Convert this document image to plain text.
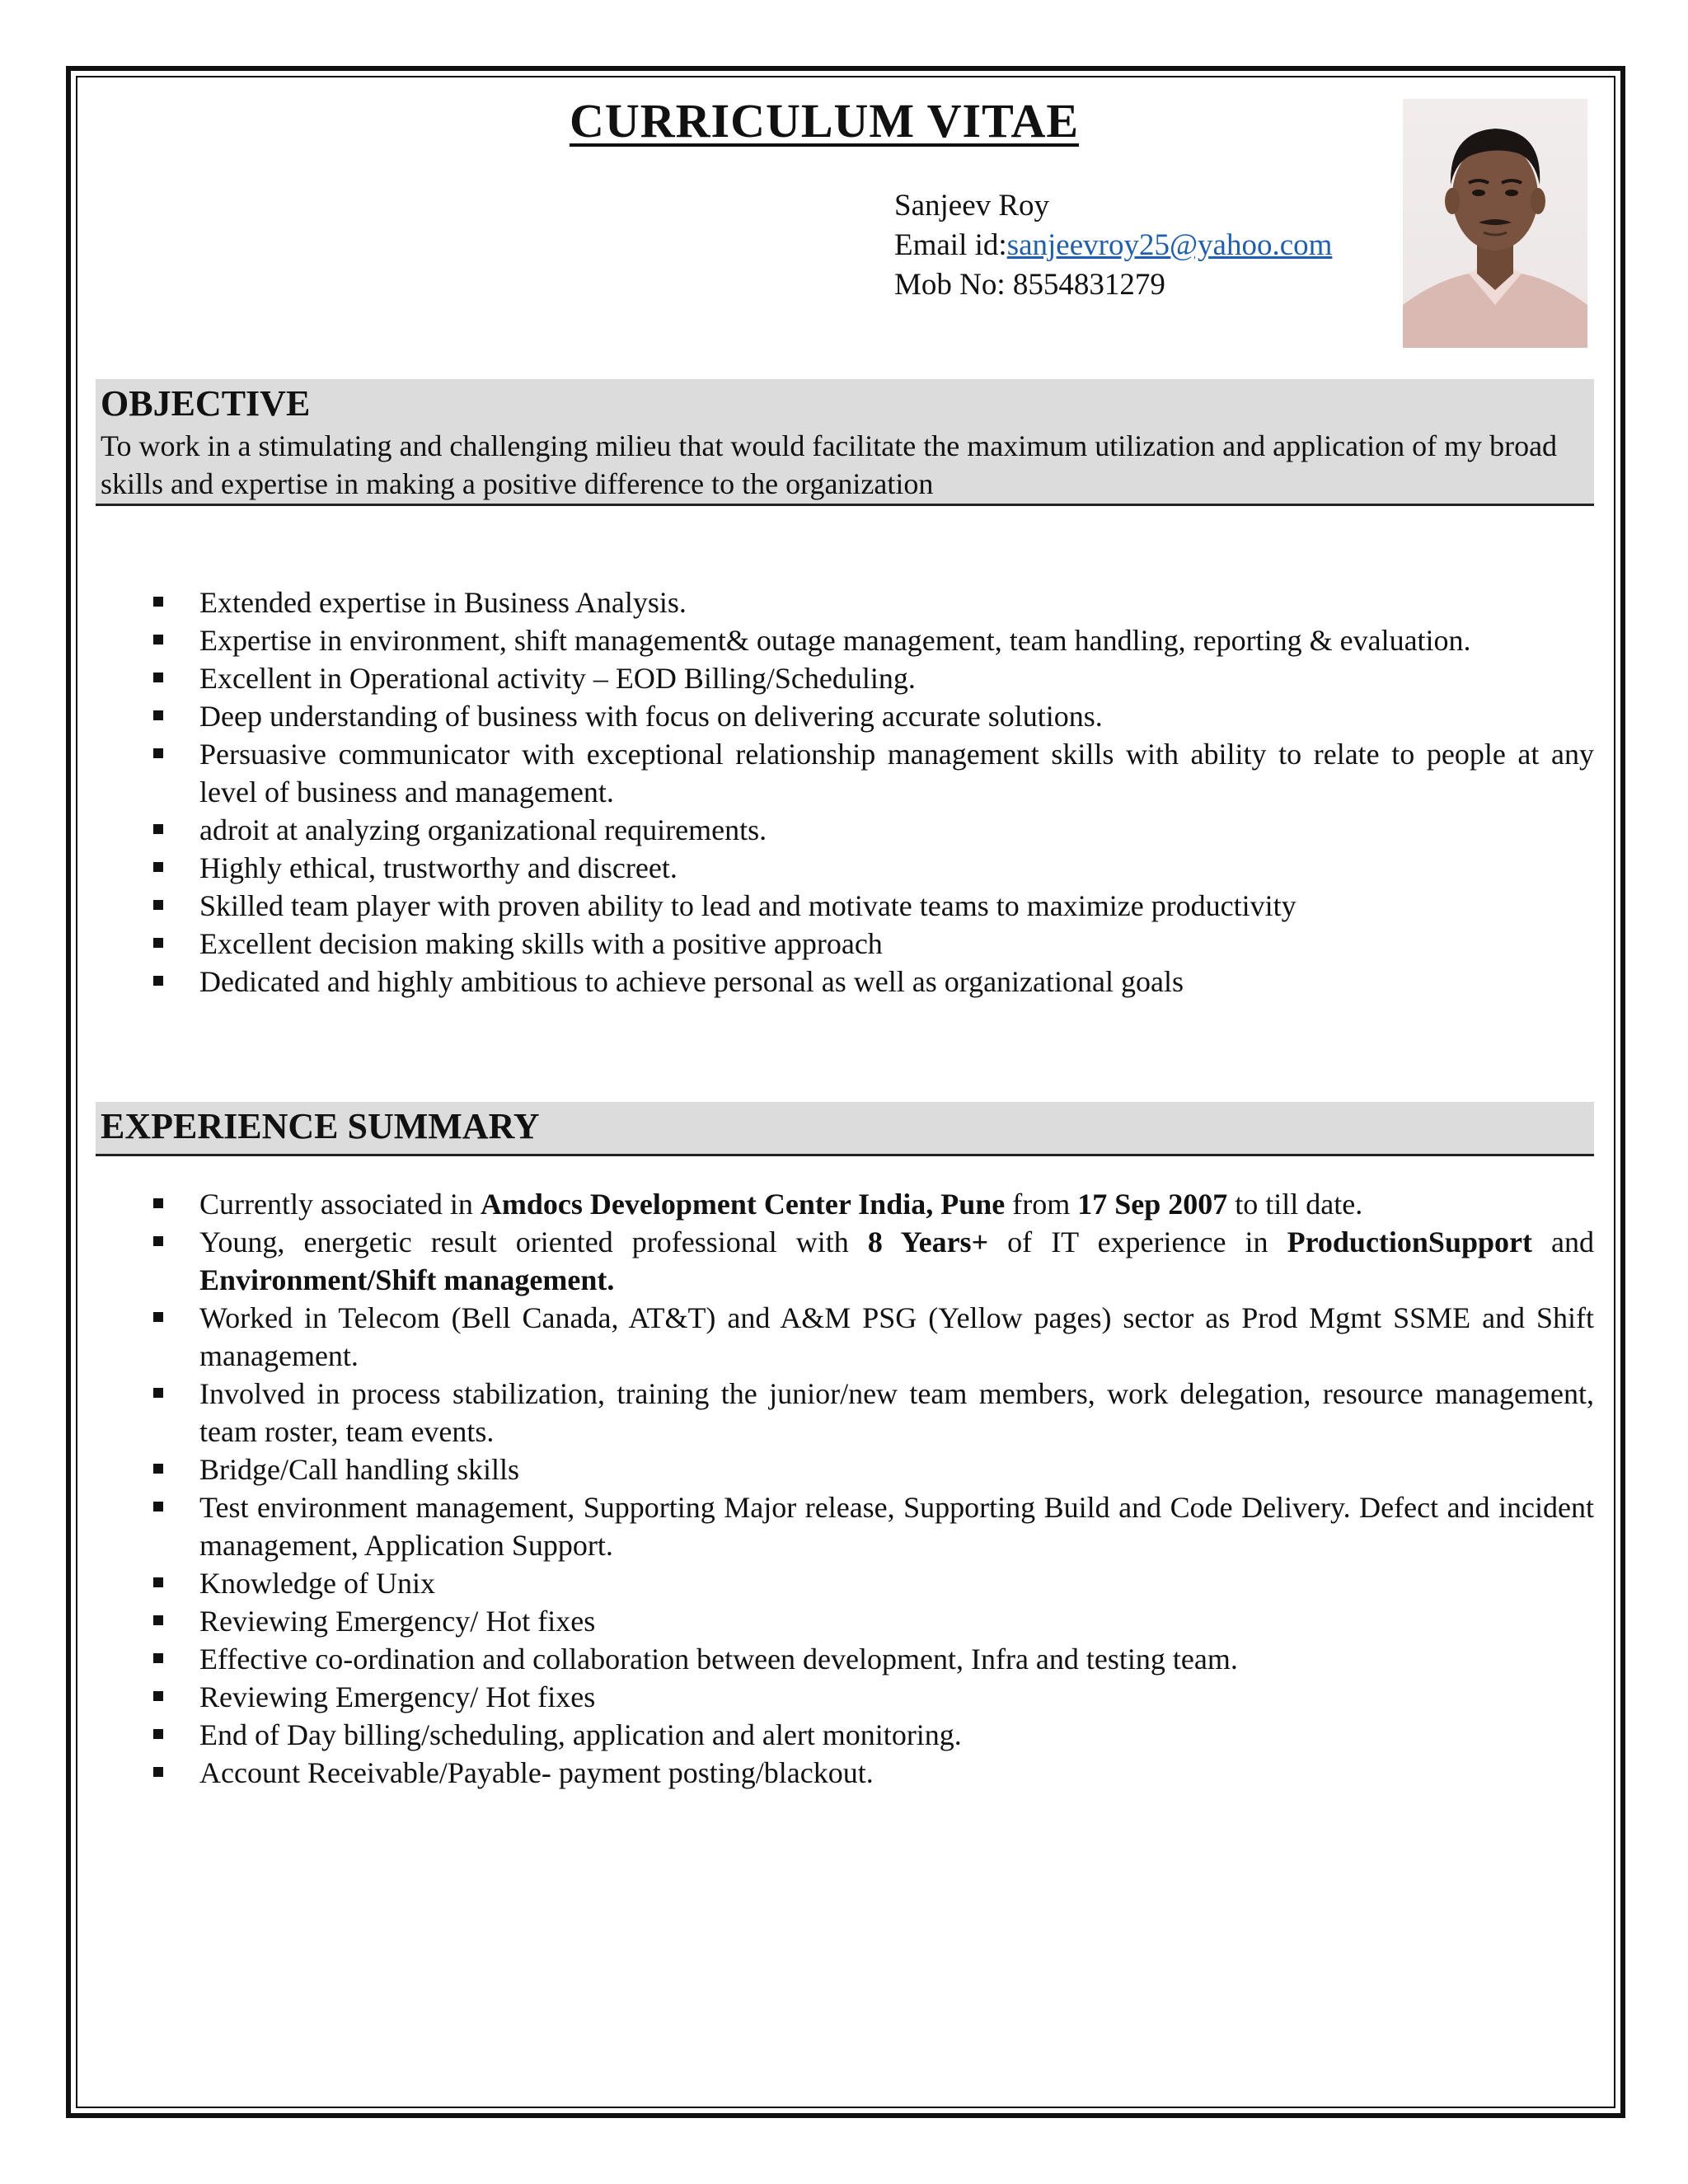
CURRICULUM VITAE
Sanjeev Roy
Email id:sanjeevroy25@yahoo.com
Mob No: 8554831279
OBJECTIVE
To work in a stimulating and challenging milieu that would facilitate the maximum utilization and application of my broad skills and expertise in making a positive difference to the organization
Extended expertise in Business Analysis.
Expertise in environment, shift management& outage management, team handling, reporting & evaluation.
Excellent in Operational activity – EOD Billing/Scheduling.
Deep understanding of business with focus on delivering accurate solutions.
Persuasive communicator with exceptional relationship management skills with ability to relate to people at any level of business and management.
adroit at analyzing organizational requirements.
Highly ethical, trustworthy and discreet.
Skilled team player with proven ability to lead and motivate teams to maximize productivity
Excellent decision making skills with a positive approach
Dedicated and highly ambitious to achieve personal as well as organizational goals
EXPERIENCE SUMMARY
Currently associated in Amdocs Development Center India, Pune from 17 Sep 2007 to till date.
Young, energetic result oriented professional with 8 Years+ of IT experience in ProductionSupport and Environment/Shift management.
Worked in Telecom (Bell Canada, AT&T) and A&M PSG (Yellow pages) sector as Prod Mgmt SSME and Shift management.
Involved in process stabilization, training the junior/new team members, work delegation, resource management, team roster, team events.
Bridge/Call handling skills
Test environment management, Supporting Major release, Supporting Build and Code Delivery. Defect and incident management, Application Support.
Knowledge of Unix
Reviewing Emergency/ Hot fixes
Effective co-ordination and collaboration between development, Infra and testing team.
Reviewing Emergency/ Hot fixes
End of Day billing/scheduling, application and alert monitoring.
Account Receivable/Payable- payment posting/blackout.
